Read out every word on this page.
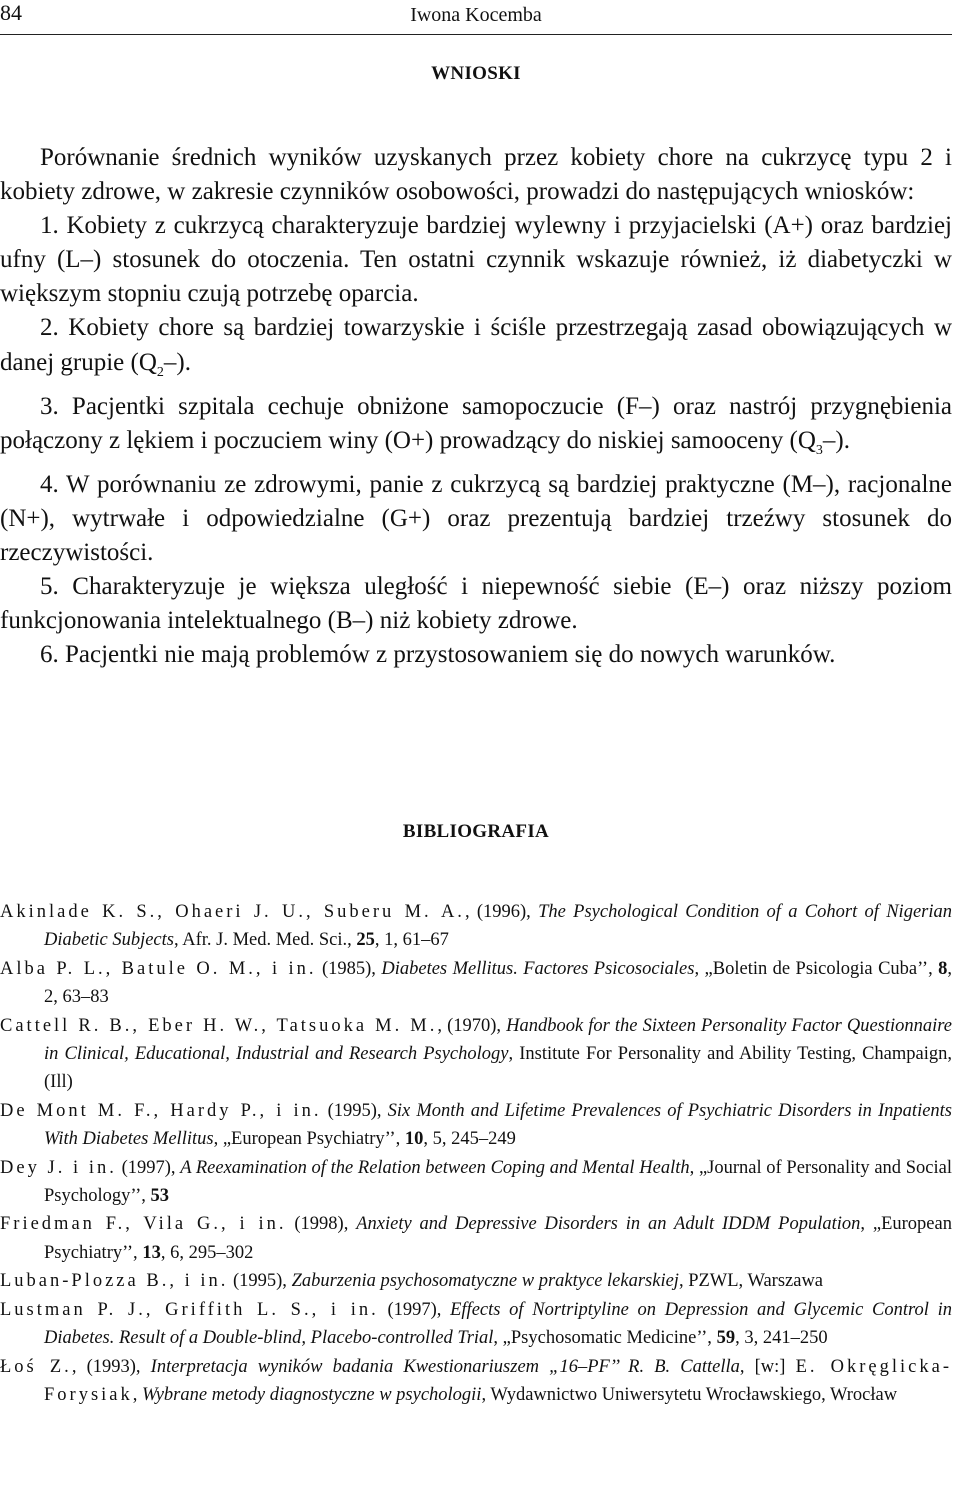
84	Iwona Kocemba
WNIOSKI

Porównanie średnich wyników uzyskanych przez kobiety chore na cukrzycę typu 2 i kobiety zdrowe, w zakresie czynników osobowości, prowadzi do następujących wniosków:

1. Kobiety z cukrzycą charakteryzuje bardziej wylewny i przyjacielski (A+) oraz bardziej ufny (L–) stosunek do otoczenia. Ten ostatni czynnik wskazuje również, iż diabetyczki w większym stopniu czują potrzebę oparcia.

2. Kobiety chore są bardziej towarzyskie i ściśle przestrzegają zasad obowiązujących w danej grupie $(Q_2-)$.

3. Pacjentki szpitala cechuje obniżone samopoczucie (F–) oraz nastrój przygnębienia połączony z lękiem i poczuciem winy (O+) prowadzący do niskiej samooceny $(Q_3-)$.

4. W porównaniu ze zdrowymi, panie z cukrzycą są bardziej praktyczne (M–), racjonalne (N+), wytrwałe i odpowiedzialne (G+) oraz prezentują bardziej trzeźwy stosunek do rzeczywistości.

5. Charakteryzuje je większa uległość i niepewność siebie (E–) oraz niższy poziom funkcjonowania intelektualnego (B–) niż kobiety zdrowe.

6. Pacjentki nie mają problemów z przystosowaniem się do nowych warunków.

BIBLIOGRAFIA

Akinlade K. S., Ohaeri J. U., Suberu M. A., (1996), The Psychological Condition of a Cohort of Nigerian Diabetic Subjects, Afr. J. Med. Med. Sci., 25, 1, 61–67

Alba P. L., Batule O. M., i in. (1985), Diabetes Mellitus. Factores Psicosociales, „Boletin de Psicologia Cuba’’, 8, 2, 63–83

Cattell R. B., Eber H. W., Tatsuoka M. M., (1970), Handbook for the Sixteen Personality Factor Questionnaire in Clinical, Educational, Industrial and Research Psychology, Institute For Personality and Ability Testing, Champaign, (Ill)

De Mont M. F., Hardy P., i in. (1995), Six Month and Lifetime Prevalences of Psychiatric Disorders in Inpatients With Diabetes Mellitus, „European Psychiatry’’, 10, 5, 245–249

Dey J. i in. (1997), A Reexamination of the Relation between Coping and Mental Health, „Journal of Personality and Social Psychology’’, 53

Friedman F., Vila G., i in. (1998), Anxiety and Depressive Disorders in an Adult IDDM Population, „European Psychiatry’’, 13, 6, 295–302

Luban-Plozza B., i in. (1995), Zaburzenia psychosomatyczne w praktyce lekarskiej, PZWL, Warszawa

Lustman P. J., Griffith L. S., i in. (1997), Effects of Nortriptyline on Depression and Glycemic Control in Diabetes. Result of a Double-blind, Placebo-controlled Trial, „Psychosomatic Medicine’’, 59, 3, 241–250

Łoś Z., (1993), Interpretacja wyników badania Kwestionariuszem „16–PF’’ R. B. Cattella, [w:] E. Okręglicka-Forysiak, Wybrane metody diagnostyczne w psychologii, Wydawnictwo Uniwersytetu Wrocławskiego, Wrocław
